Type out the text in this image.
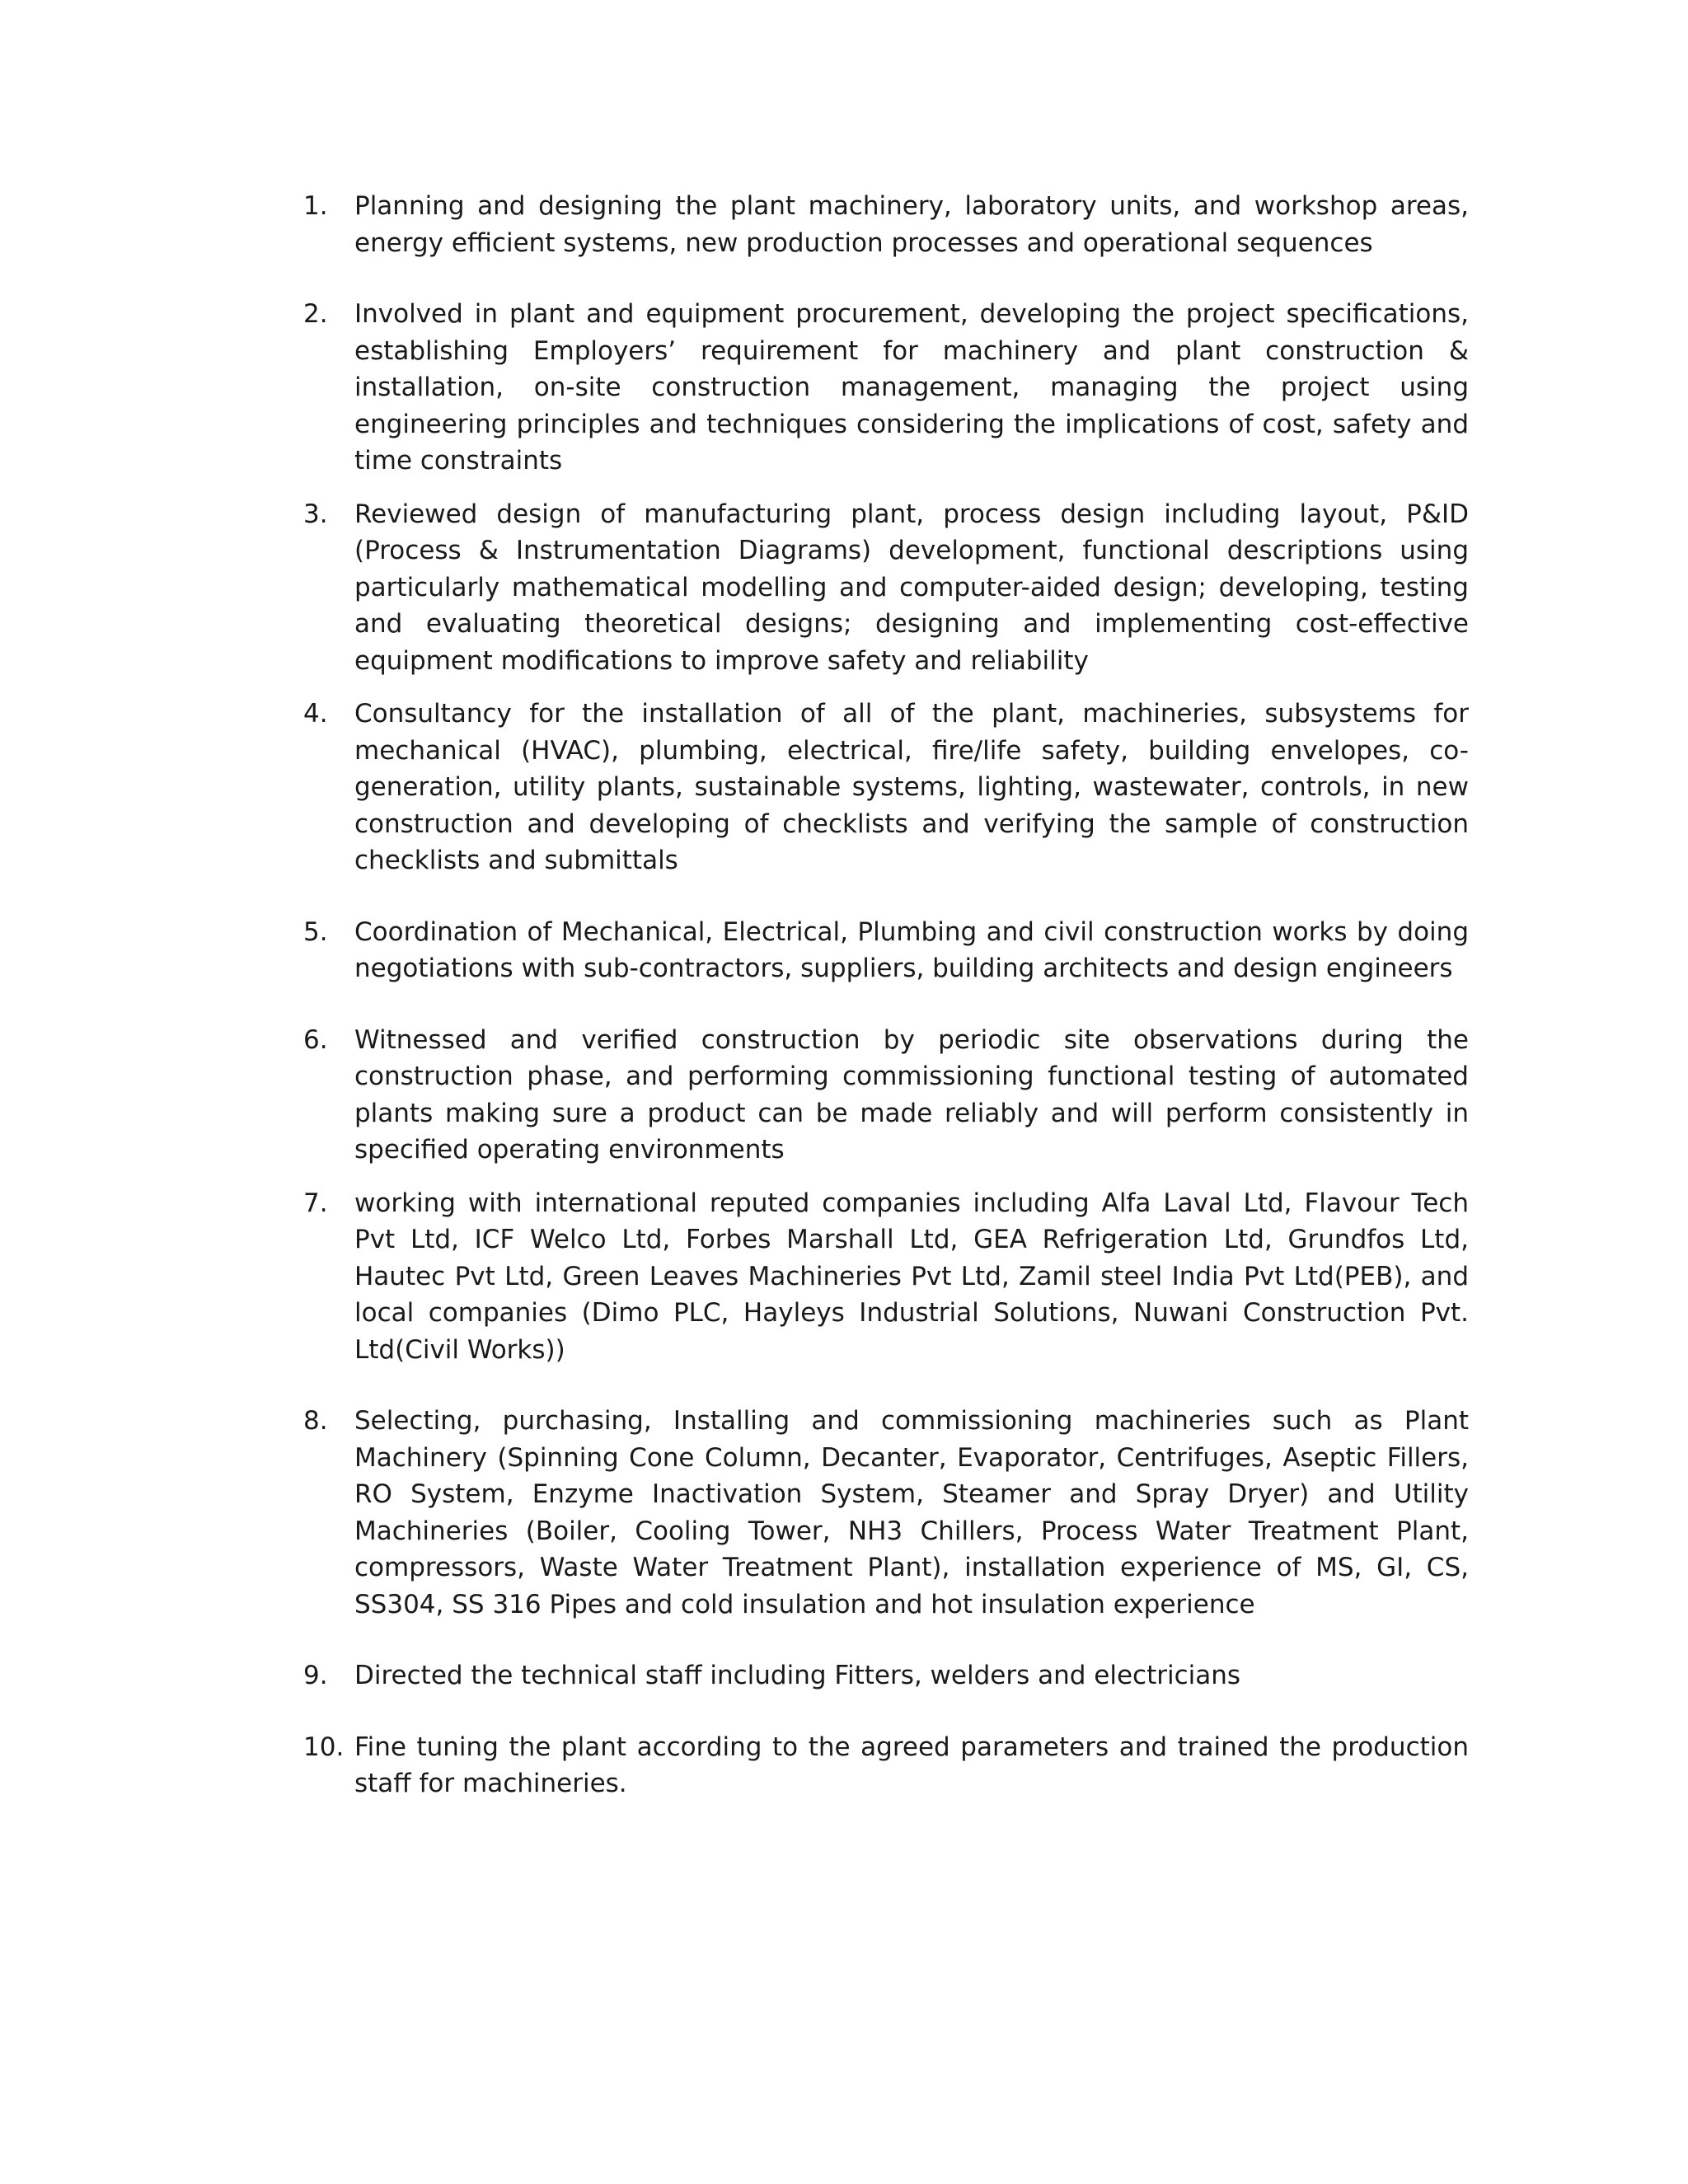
1.	Planning and designing the plant machinery, laboratory units, and workshop areas, energy efficient systems, new production processes and operational sequences
2.	Involved in plant and equipment procurement, developing the project specifications, establishing Employers’ requirement for machinery and plant construction & installation, on-site construction management, managing the project using engineering principles and techniques considering the implications of cost, safety and time constraints
3.	Reviewed design of manufacturing plant, process design including layout, P&ID (Process & Instrumentation Diagrams) development, functional descriptions using particularly mathematical modelling and computer-aided design; developing, testing and evaluating theoretical designs; designing and implementing cost-effective equipment modifications to improve safety and reliability
4.	Consultancy for the installation of all of the plant, machineries, subsystems for mechanical (HVAC), plumbing, electrical, fire/life safety, building envelopes, co-generation, utility plants, sustainable systems, lighting, wastewater, controls, in new construction and developing of checklists and verifying the sample of construction checklists and submittals
5.	Coordination of Mechanical, Electrical, Plumbing and civil construction works by doing negotiations with sub-contractors, suppliers, building architects and design engineers
6.	Witnessed and verified construction by periodic site observations during the construction phase, and performing commissioning functional testing of automated plants making sure a product can be made reliably and will perform consistently in specified operating environments
7.	working with international reputed companies including Alfa Laval Ltd, Flavour Tech Pvt Ltd, ICF Welco Ltd, Forbes Marshall Ltd, GEA Refrigeration Ltd, Grundfos Ltd, Hautec Pvt Ltd, Green Leaves Machineries Pvt Ltd, Zamil steel India Pvt Ltd(PEB), and local companies (Dimo PLC, Hayleys Industrial Solutions, Nuwani Construction Pvt. Ltd(Civil Works))
8.	Selecting, purchasing, Installing and commissioning machineries such as Plant Machinery (Spinning Cone Column, Decanter, Evaporator, Centrifuges, Aseptic Fillers, RO System, Enzyme Inactivation System, Steamer and Spray Dryer) and Utility Machineries (Boiler, Cooling Tower, NH3 Chillers, Process Water Treatment Plant, compressors, Waste Water Treatment Plant), installation experience of MS, GI, CS, SS304, SS 316 Pipes and cold insulation and hot insulation experience
9.	Directed the technical staff including Fitters, welders and electricians
10. Fine tuning the plant according to the agreed parameters and trained the production staff for machineries.
